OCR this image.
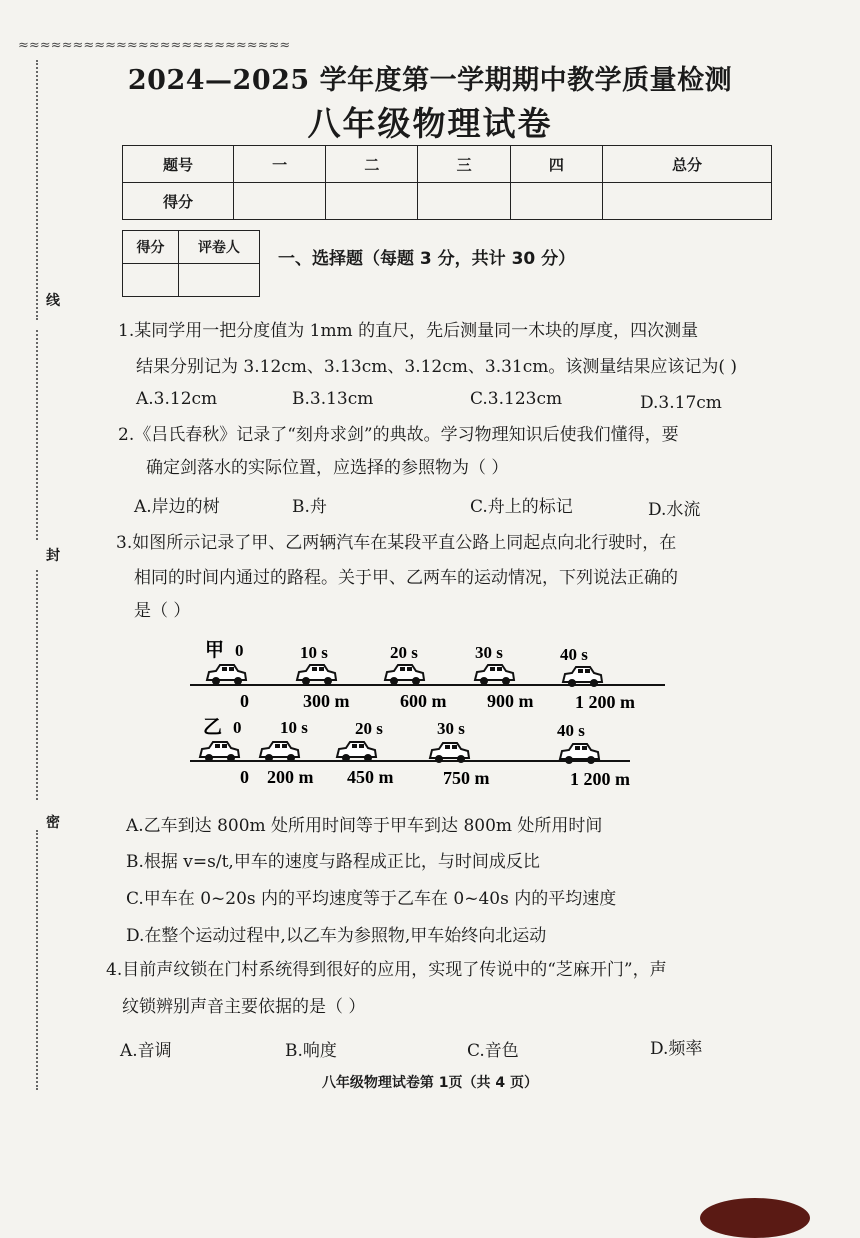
≈≈≈≈≈≈≈≈≈≈≈≈≈≈≈≈≈≈≈≈≈≈≈≈≈
线
封
密
2024—2025 学年度第一学期期中教学质量检测
八年级物理试卷
题号	一	二	三	四	总分
得分					
得分	评卷人

一、选择题（每题 3 分，共计 30 分）
1.某同学用一把分度值为 1mm 的直尺，先后测量同一木块的厚度，四次测量
结果分别记为 3.12cm、3.13cm、3.12cm、3.31cm。该测量结果应该记为( )
A.3.12cm	B.3.13cm	C.3.123cm	D.3.17cm
2.《吕氏春秋》记录了“刻舟求剑”的典故。学习物理知识后使我们懂得，要
确定剑落水的实际位置，应选择的参照物为（ ）
A.岸边的树	B.舟	C.舟上的标记	D.水流
3.如图所示记录了甲、乙两辆汽车在某段平直公路上同起点向北行驶时，在
相同的时间内通过的路程。关于甲、乙两车的运动情况，下列说法正确的
是（ ）
甲 0	10 s	20 s	30 s	40 s
0	300 m	600 m 900 m 1 200 m
乙 0 10 s	20 s	30 s	40 s
0 200 m 450 m	750 m	1 200 m
A.乙车到达 800m 处所用时间等于甲车到达 800m 处所用时间
B.根据 v=s/t,甲车的速度与路程成正比，与时间成反比
C.甲车在 0~20s 内的平均速度等于乙车在 0~40s 内的平均速度
D.在整个运动过程中,以乙车为参照物,甲车始终向北运动
4.目前声纹锁在门村系统得到很好的应用，实现了传说中的“芝麻开门”，声
纹锁辨别声音主要依据的是（ ）
A.音调	B.响度	C.音色	D.频率
八年级物理试卷第 1页（共 4 页）
